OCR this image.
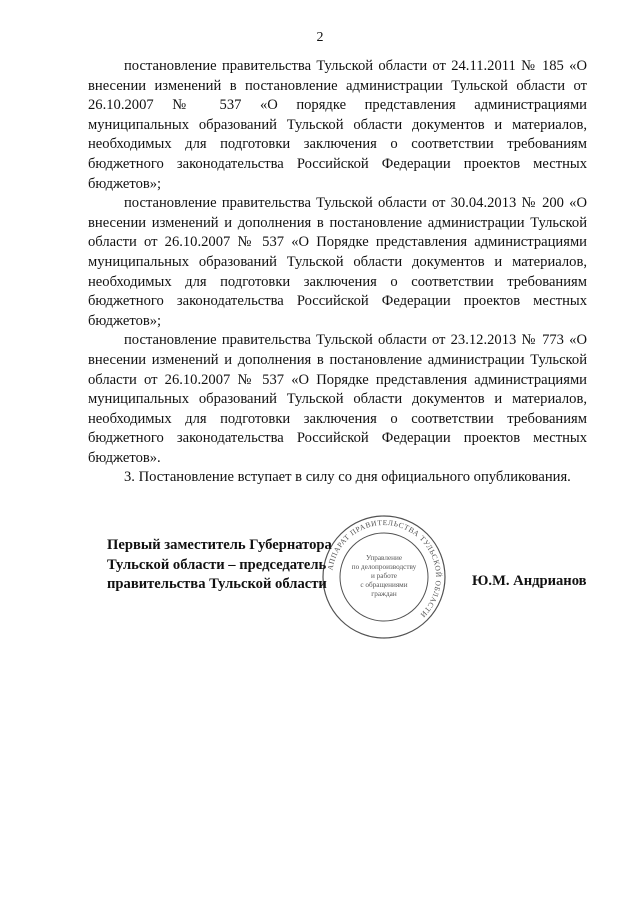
2

постановление правительства Тульской области от 24.11.2011 № 185 «О внесении изменений в постановление администрации Тульской области от 26.10.2007 № 537 «О порядке представления администрациями муниципальных образований Тульской области документов и материалов, необходимых для подготовки заключения о соответствии требованиям бюджетного законодательства Российской Федерации проектов местных бюджетов»;

постановление правительства Тульской области от 30.04.2013 № 200 «О внесении изменений и дополнения в постановление администрации Тульской области от 26.10.2007 № 537 «О Порядке представления администрациями муниципальных образований Тульской области документов и материалов, необходимых для подготовки заключения о соответствии требованиям бюджетного законодательства Российской Федерации проектов местных бюджетов»;

постановление правительства Тульской области от 23.12.2013 № 773 «О внесении изменений и дополнения в постановление администрации Тульской области от 26.10.2007 № 537 «О Порядке представления администрациями муниципальных образований Тульской области документов и материалов, необходимых для подготовки заключения о соответствии требованиям бюджетного законодательства Российской Федерации проектов местных бюджетов».

3. Постановление вступает в силу со дня официального опубликования.

Первый заместитель Губернатора
Тульской области – председатель
правительства Тульской области	Ю.М. Андрианов
АППАРАТ ПРАВИТЕЛЬСТВА ТУЛЬСКОЙ ОБЛАСТИ
Управление
по делопроизводству
и работе
с обращениями
граждан
